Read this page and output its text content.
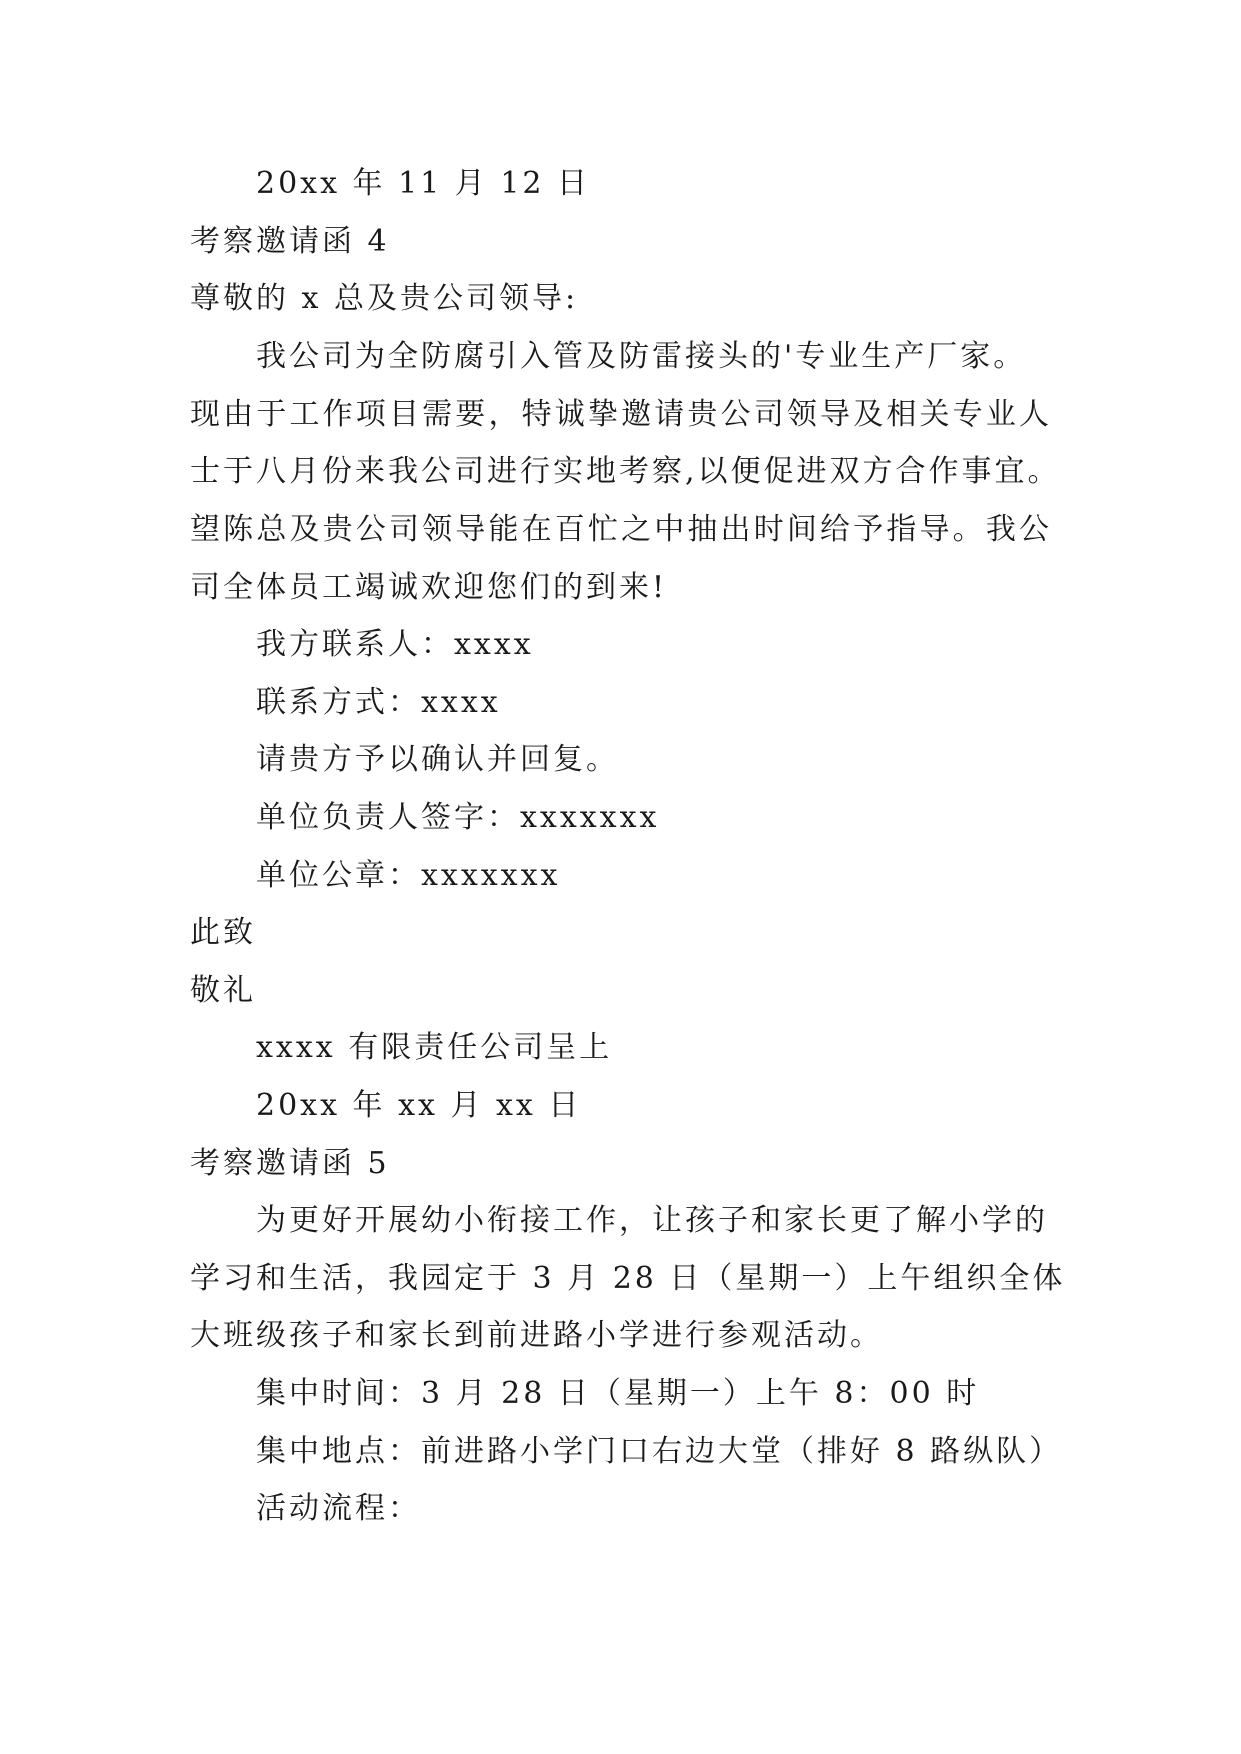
20xx 年 11 月 12 日

考察邀请函 4

尊敬的 x 总及贵公司领导:

我公司为全防腐引入管及防雷接头的'专业生产厂家。

现由于工作项目需要，特诚挚邀请贵公司领导及相关专业人

士于八月份来我公司进行实地考察,以便促进双方合作事宜。

望陈总及贵公司领导能在百忙之中抽出时间给予指导。我公

司全体员工竭诚欢迎您们的到来!

我方联系人：xxxx

联系方式：xxxx

请贵方予以确认并回复。

单位负责人签字：xxxxxxx

单位公章：xxxxxxx

此致

敬礼

xxxx 有限责任公司呈上

20xx 年 xx 月 xx 日

考察邀请函 5

为更好开展幼小衔接工作，让孩子和家长更了解小学的

学习和生活，我园定于 3 月 28 日（星期一）上午组织全体

大班级孩子和家长到前进路小学进行参观活动。

集中时间：3 月 28 日（星期一）上午 8：00 时

集中地点：前进路小学门口右边大堂（排好 8 路纵队）

活动流程：
